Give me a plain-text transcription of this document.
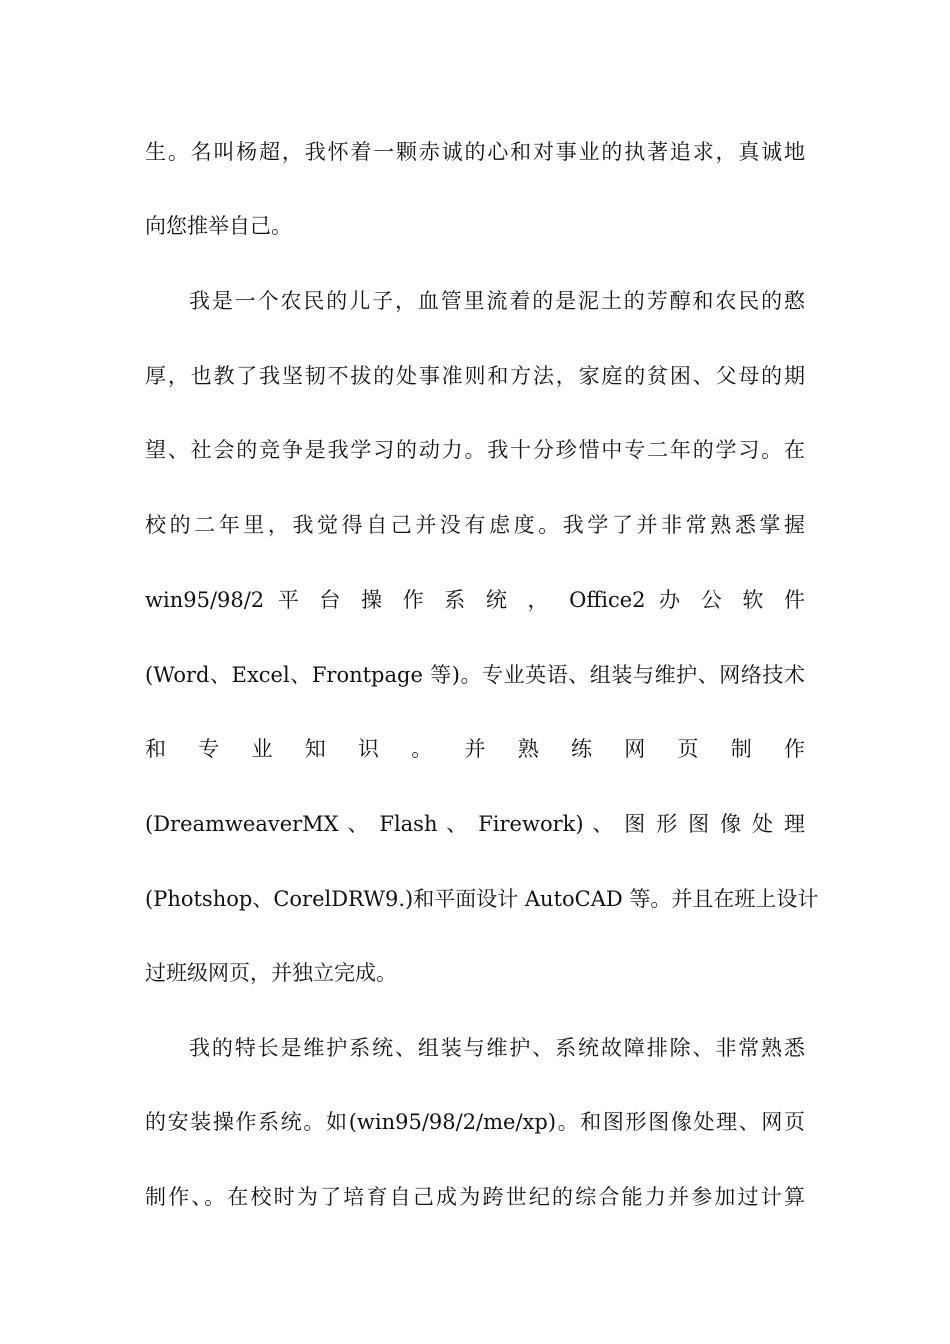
生。名叫杨超，我怀着一颗赤诚的心和对事业的执著追求，真诚地
向您推举自己。
我是一个农民的儿子，血管里流着的是泥土的芳醇和农民的憨
厚，也教了我坚韧不拔的处事准则和方法，家庭的贫困、父母的期
望、社会的竞争是我学习的动力。我十分珍惜中专二年的学习。在
校的二年里，我觉得自己并没有虑度。我学了并非常熟悉掌握
win95/98/2 平 台 操 作 系 统 ， Office2 办 公 软 件
(Word、Excel、Frontpage 等)。专业英语、组装与维护、网络技术
和 专 业 知 识 。 并 熟 练 网 页 制 作
(DreamweaverMX 、 Flash 、 Firework) 、 图 形 图 像 处 理
(Photshop、CorelDRW9.)和平面设计 AutoCAD 等。并且在班上设计
过班级网页，并独立完成。
我的特长是维护系统、组装与维护、系统故障排除、非常熟悉
的安装操作系统。如(win95/98/2/me/xp)。和图形图像处理、网页
制作、。在校时为了培育自己成为跨世纪的综合能力并参加过计算
